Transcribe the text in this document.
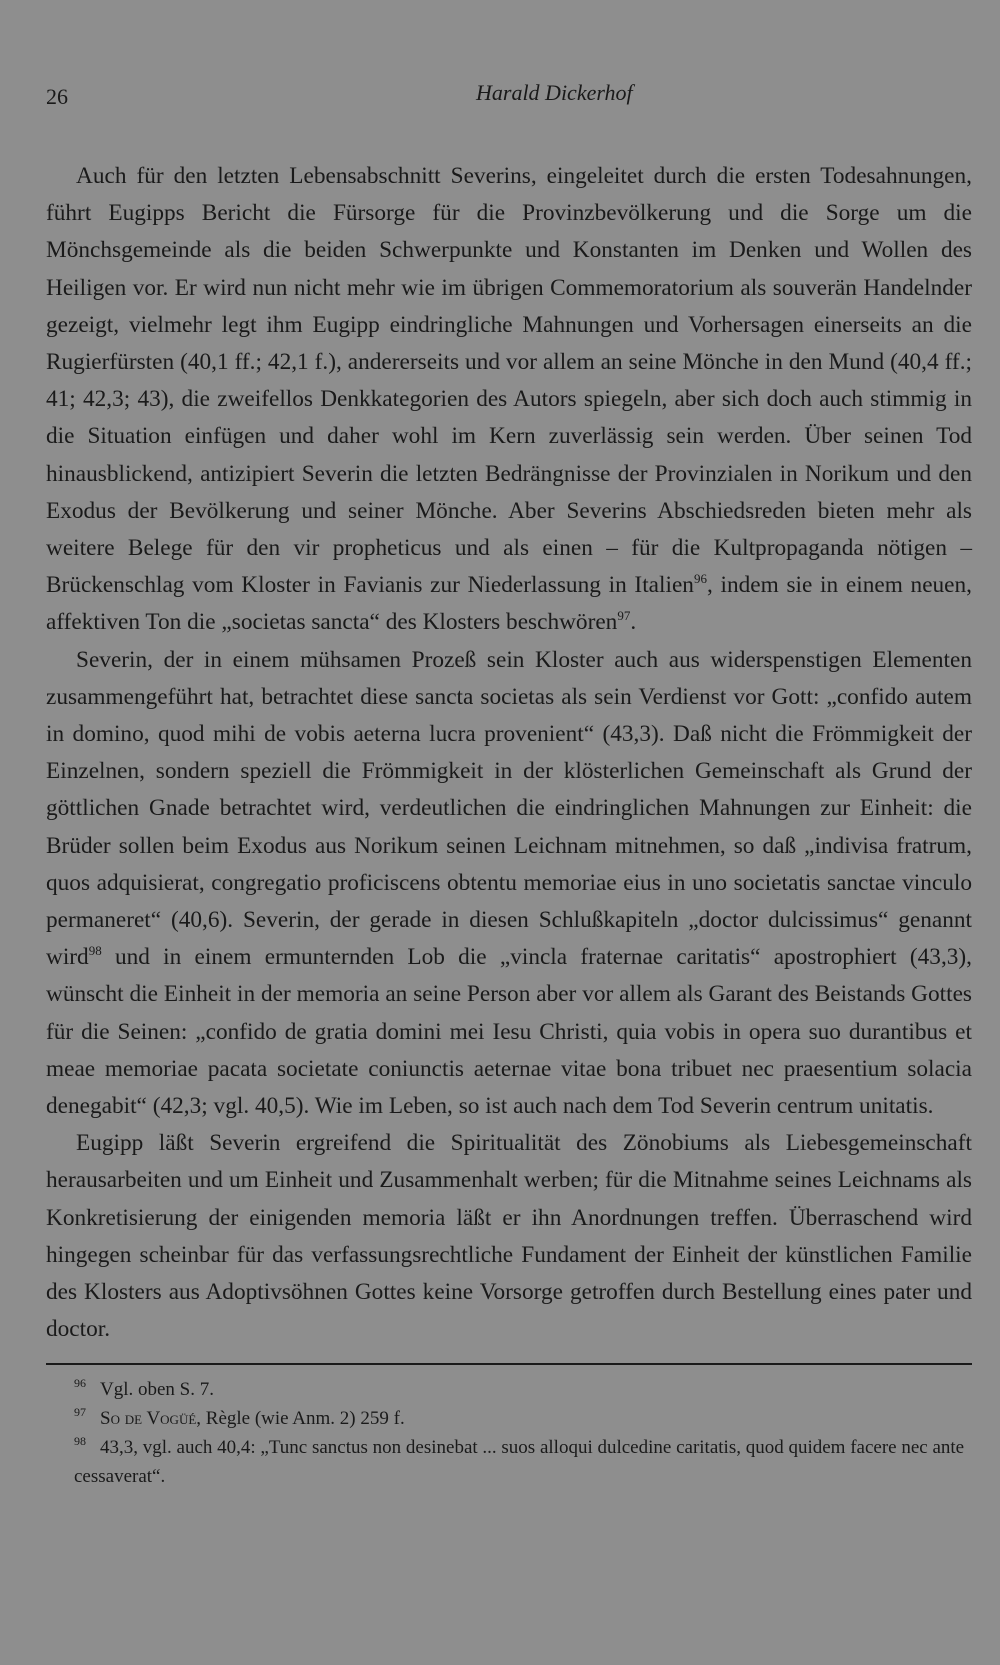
26	Harald Dickerhof

Auch für den letzten Lebensabschnitt Severins, eingeleitet durch die ersten Todesahnungen, führt Eugipps Bericht die Fürsorge für die Provinzbevölkerung und die Sorge um die Mönchsgemeinde als die beiden Schwerpunkte und Konstanten im Denken und Wollen des Heiligen vor. Er wird nun nicht mehr wie im übrigen Commemoratorium als souverän Handelnder gezeigt, vielmehr legt ihm Eugipp eindringliche Mahnungen und Vorhersagen einerseits an die Rugierfürsten (40,1 ff.; 42,1 f.), andererseits und vor allem an seine Mönche in den Mund (40,4 ff.; 41; 42,3; 43), die zweifellos Denkkategorien des Autors spiegeln, aber sich doch auch stimmig in die Situation einfügen und daher wohl im Kern zuverlässig sein werden. Über seinen Tod hinausblickend, antizipiert Severin die letzten Bedrängnisse der Provinzialen in Norikum und den Exodus der Bevölkerung und seiner Mönche. Aber Severins Abschiedsreden bieten mehr als weitere Belege für den vir propheticus und als einen – für die Kultpropaganda nötigen – Brückenschlag vom Kloster in Favianis zur Niederlassung in Italien$^{96}$, indem sie in einem neuen, affektiven Ton die „societas sancta“ des Klosters beschwören$^{97}$.

Severin, der in einem mühsamen Prozeß sein Kloster auch aus widerspenstigen Elementen zusammengeführt hat, betrachtet diese sancta societas als sein Verdienst vor Gott: „confido autem in domino, quod mihi de vobis aeterna lucra provenient“ (43,3). Daß nicht die Frömmigkeit der Einzelnen, sondern speziell die Frömmigkeit in der klösterlichen Gemeinschaft als Grund der göttlichen Gnade betrachtet wird, verdeutlichen die eindringlichen Mahnungen zur Einheit: die Brüder sollen beim Exodus aus Norikum seinen Leichnam mitnehmen, so daß „indivisa fratrum, quos adquisierat, congregatio proficiscens obtentu memoriae eius in uno societatis sanctae vinculo permaneret“ (40,6). Severin, der gerade in diesen Schlußkapiteln „doctor dulcissimus“ genannt wird$^{98}$ und in einem ermunternden Lob die „vincla fraternae caritatis“ apostrophiert (43,3), wünscht die Einheit in der memoria an seine Person aber vor allem als Garant des Beistands Gottes für die Seinen: „confido de gratia domini mei Iesu Christi, quia vobis in opera suo durantibus et meae memoriae pacata societate coniunctis aeternae vitae bona tribuet nec praesentium solacia denegabit“ (42,3; vgl. 40,5). Wie im Leben, so ist auch nach dem Tod Severin centrum unitatis.

Eugipp läßt Severin ergreifend die Spiritualität des Zönobiums als Liebesgemeinschaft herausarbeiten und um Einheit und Zusammenhalt werben; für die Mitnahme seines Leichnams als Konkretisierung der einigenden memoria läßt er ihn Anordnungen treffen. Überraschend wird hingegen scheinbar für das verfassungsrechtliche Fundament der Einheit der künstlichen Familie des Klosters aus Adoptivsöhnen Gottes keine Vorsorge getroffen durch Bestellung eines pater und doctor.

96 Vgl. oben S. 7.

97 So de Vogüé, Règle (wie Anm. 2) 259 f.

98 43,3, vgl. auch 40,4: „Tunc sanctus non desinebat ... suos alloqui dulcedine caritatis, quod quidem facere nec ante cessaverat“.
